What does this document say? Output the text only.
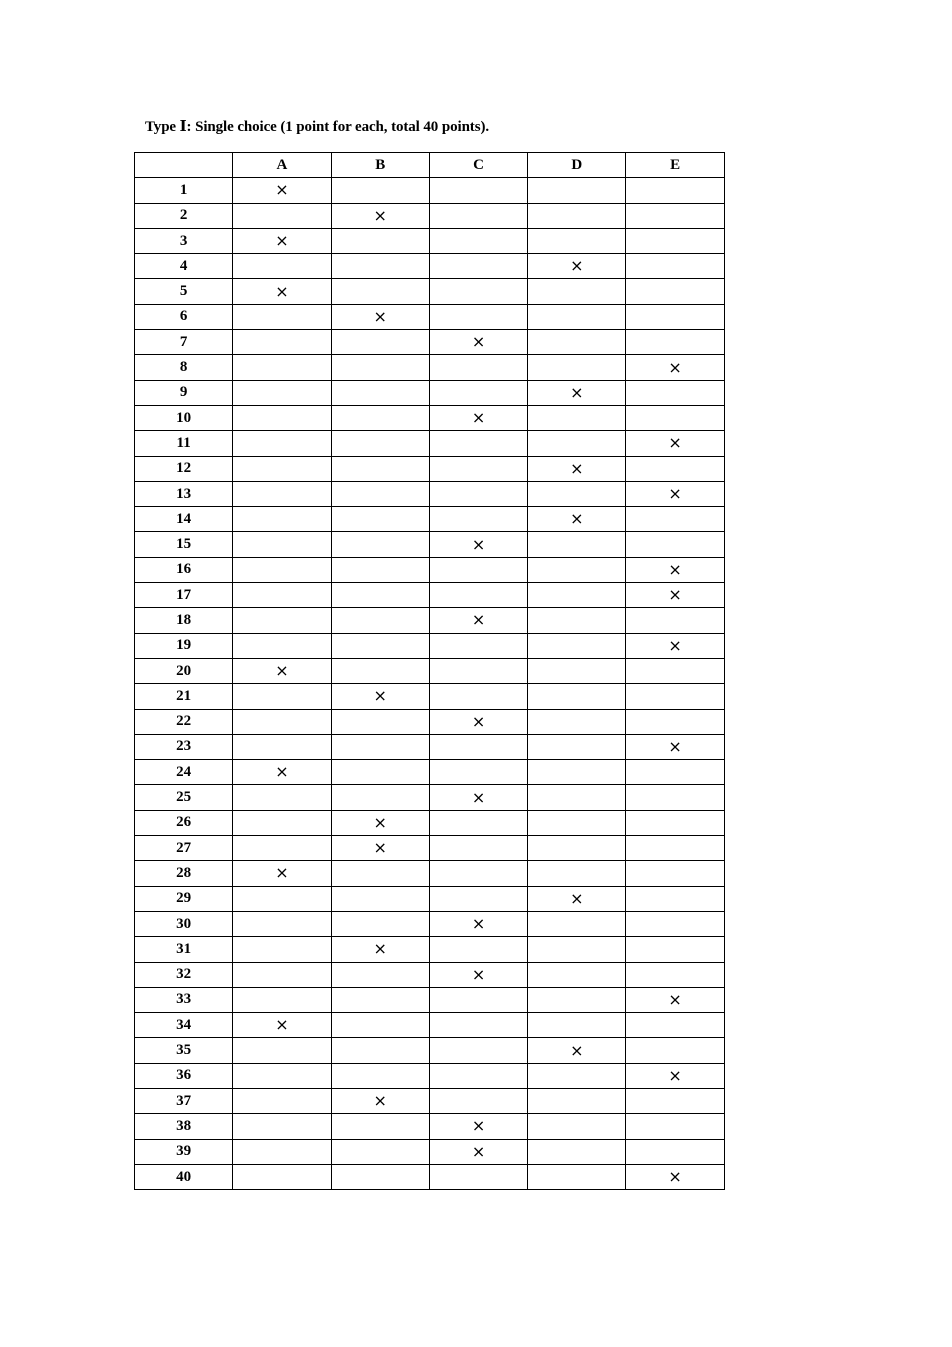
Type Ⅰ: Single choice (1 point for each, total 40 points).
	A	B	C	D	E
1	×				
2		×			
3	×				
4				×	
5	×				
6		×			
7			×		
8					×
9				×	
10			×		
11					×
12				×	
13					×
14				×	
15			×		
16					×
17					×
18			×		
19					×
20	×				
21		×			
22			×		
23					×
24	×				
25			×		
26		×			
27		×			
28	×				
29				×	
30			×		
31		×			
32			×		
33					×
34	×				
35				×	
36					×
37		×			
38			×		
39			×		
40					×
